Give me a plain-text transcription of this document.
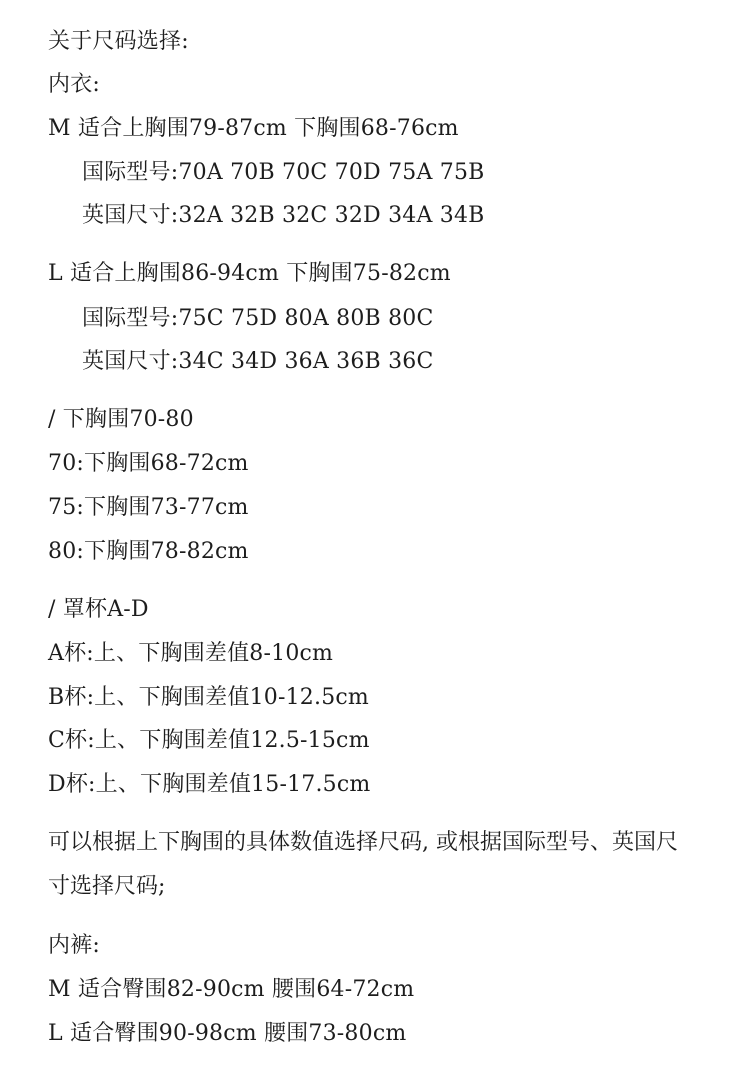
关于尺码选择:
内衣:
M 适合上胸围79-87cm 下胸围68-76cm
国际型号:70A 70B 70C 70D 75A 75B
英国尺寸:32A 32B 32C 32D 34A 34B
L 适合上胸围86-94cm 下胸围75-82cm
国际型号:75C 75D 80A 80B 80C
英国尺寸:34C 34D 36A 36B 36C
/ 下胸围70-80
70:下胸围68-72cm
75:下胸围73-77cm
80:下胸围78-82cm
/ 罩杯A-D
A杯:上、下胸围差值8-10cm
B杯:上、下胸围差值10-12.5cm
C杯:上、下胸围差值12.5-15cm
D杯:上、下胸围差值15-17.5cm
可以根据上下胸围的具体数值选择尺码, 或根据国际型号、英国尺寸选择尺码;
内裤:
M 适合臀围82-90cm 腰围64-72cm
L 适合臀围90-98cm 腰围73-80cm
